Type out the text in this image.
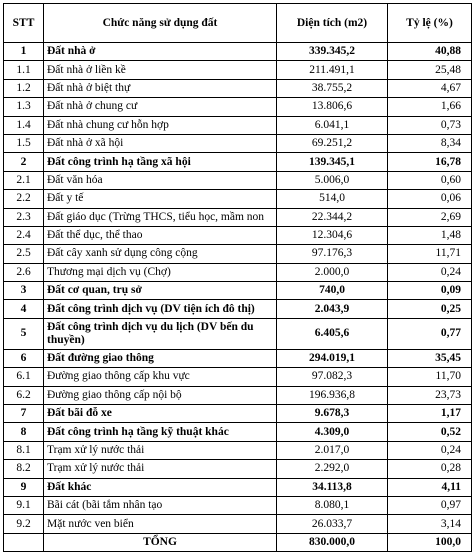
STT	Chức năng sử dụng đất	Diện tích (m2)	Tỷ lệ (%)
1	Đất nhà ở	339.345,2	40,88
1.1	Đất nhà ở liền kề	211.491,1	25,48
1.2	Đất nhà ở biệt thự	38.755,2	4,67
1.3	Đất nhà ở chung cư	13.806,6	1,66
1.4	Đất nhà chung cư hỗn hợp	6.041,1	0,73
1.5	Đất nhà ở xã hội	69.251,2	8,34
2	Đất công trình hạ tầng xã hội	139.345,1	16,78
2.1	Đất văn hóa	5.006,0	0,60
2.2	Đất y tế	514,0	0,06
2.3	Đất giáo dục (Trừng THCS, tiểu học, mầm non	22.344,2	2,69
2.4	Đất thể dục, thể thao	12.304,6	1,48
2.5	Đất cây xanh sử dụng công cộng	97.176,3	11,71
2.6	Thương mại dịch vụ (Chợ)	2.000,0	0,24
3	Đất cơ quan, trụ sở	740,0	0,09
4	Đất công trình dịch vụ (DV tiện ích đô thị)	2.043,9	0,25
5	Đất công trình dịch vụ du lịch (DV bến du thuyền)	6.405,6	0,77
6	Đất đường giao thông	294.019,1	35,45
6.1	Đường giao thông cấp khu vực	97.082,3	11,70
6.2	Đường giao thông cấp nội bộ	196.936,8	23,73
7	Đất bãi đỗ xe	9.678,3	1,17
8	Đất công trình hạ tầng kỹ thuật khác	4.309,0	0,52
8.1	Trạm xử lý nước thải	2.017,0	0,24
8.2	Trạm xử lý nước thải	2.292,0	0,28
9	Đất khác	34.113,8	4,11
9.1	Bãi cát (bãi tắm nhân tạo	8.080,1	0,97
9.2	Mặt nước ven biển	26.033,7	3,14
	TỔNG	830.000,0	100,0
